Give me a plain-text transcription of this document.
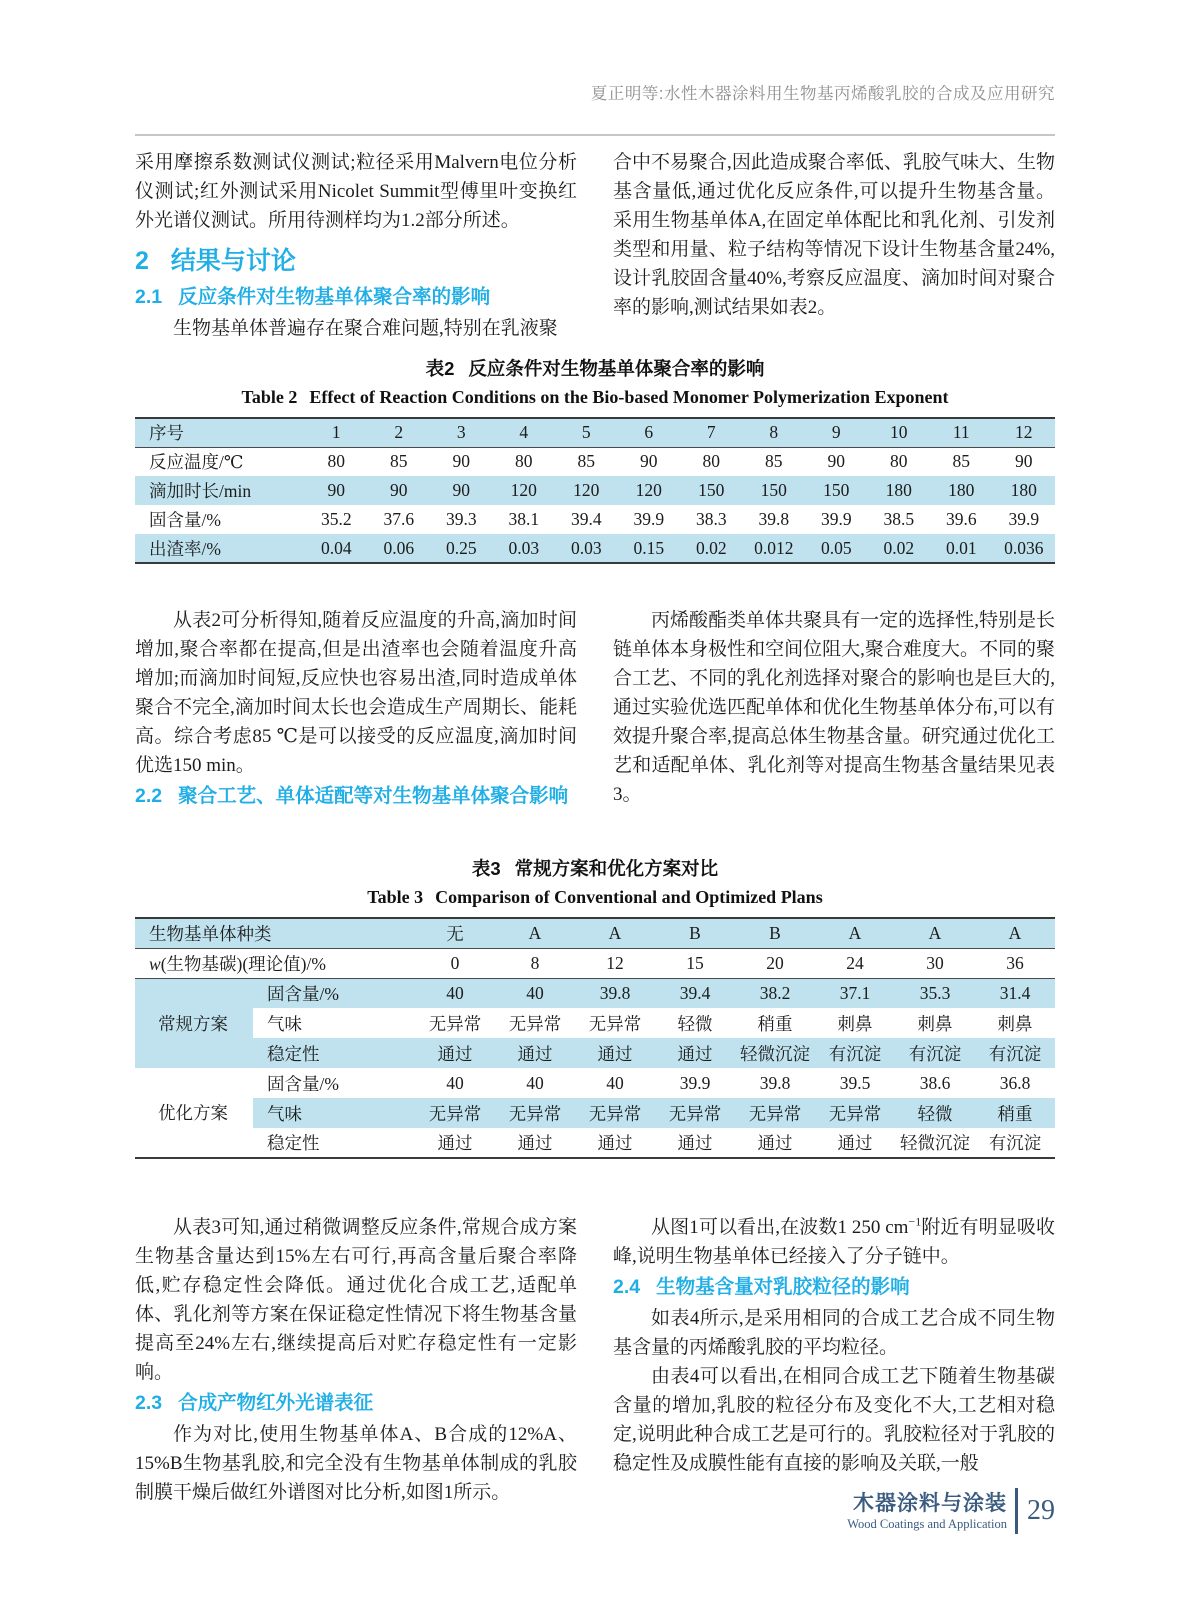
夏正明等:水性木器涂料用生物基丙烯酸乳胶的合成及应用研究

采用摩擦系数测试仪测试;粒径采用Malvern电位分析仪测试;红外测试采用Nicolet Summit型傅里叶变换红外光谱仪测试。所用待测样均为1.2部分所述。

2 结果与讨论
2.1 反应条件对生物基单体聚合率的影响

生物基单体普遍存在聚合难问题,特别在乳液聚

合中不易聚合,因此造成聚合率低、乳胶气味大、生物基含量低,通过优化反应条件,可以提升生物基含量。采用生物基单体A,在固定单体配比和乳化剂、引发剂类型和用量、粒子结构等情况下设计生物基含量24%,设计乳胶固含量40%,考察反应温度、滴加时间对聚合率的影响,测试结果如表2。

表2 反应条件对生物基单体聚合率的影响
Table 2 Effect of Reaction Conditions on the Bio-based Monomer Polymerization Exponent
序号	1	2	3	4	5	6	7	8	9	10	11	12
反应温度/℃	80	85	90	80	85	90	80	85	90	80	85	90
滴加时长/min	90	90	90	120	120	120	150	150	150	180	180	180
固含量/%	35.2	37.6	39.3	38.1	39.4	39.9	38.3	39.8	39.9	38.5	39.6	39.9
出渣率/%	0.04	0.06	0.25	0.03	0.03	0.15	0.02	0.012	0.05	0.02	0.01	0.036

从表2可分析得知,随着反应温度的升高,滴加时间增加,聚合率都在提高,但是出渣率也会随着温度升高增加;而滴加时间短,反应快也容易出渣,同时造成单体聚合不完全,滴加时间太长也会造成生产周期长、能耗高。综合考虑85 ℃是可以接受的反应温度,滴加时间优选150 min。

2.2 聚合工艺、单体适配等对生物基单体聚合影响

丙烯酸酯类单体共聚具有一定的选择性,特别是长链单体本身极性和空间位阻大,聚合难度大。不同的聚合工艺、不同的乳化剂选择对聚合的影响也是巨大的,通过实验优选匹配单体和优化生物基单体分布,可以有效提升聚合率,提高总体生物基含量。研究通过优化工艺和适配单体、乳化剂等对提高生物基含量结果见表3。

表3 常规方案和优化方案对比
Table 3 Comparison of Conventional and Optimized Plans
生物基单体种类		无	A	A	B	B	A	A	A
w(生物基碳)(理论值)/%		0	8	12	15	20	24	30	36
常规方案	固含量/%	40	40	39.8	39.4	38.2	37.1	35.3	31.4
	气味	无异常	无异常	无异常	轻微	稍重	刺鼻	刺鼻	刺鼻
	稳定性	通过	通过	通过	通过	轻微沉淀	有沉淀	有沉淀	有沉淀
优化方案	固含量/%	40	40	40	39.9	39.8	39.5	38.6	36.8
	气味	无异常	无异常	无异常	无异常	无异常	无异常	轻微	稍重
	稳定性	通过	通过	通过	通过	通过	通过	轻微沉淀	有沉淀

从表3可知,通过稍微调整反应条件,常规合成方案生物基含量达到15%左右可行,再高含量后聚合率降低,贮存稳定性会降低。通过优化合成工艺,适配单体、乳化剂等方案在保证稳定性情况下将生物基含量提高至24%左右,继续提高后对贮存稳定性有一定影响。

2.3 合成产物红外光谱表征

作为对比,使用生物基单体A、B合成的12%A、15%B生物基乳胶,和完全没有生物基单体制成的乳胶制膜干燥后做红外谱图对比分析,如图1所示。

从图1可以看出,在波数1 250 $cm^{-1}$附近有明显吸收峰,说明生物基单体已经接入了分子链中。

2.4 生物基含量对乳胶粒径的影响

如表4所示,是采用相同的合成工艺合成不同生物基含量的丙烯酸乳胶的平均粒径。

由表4可以看出,在相同合成工艺下随着生物基碳含量的增加,乳胶的粒径分布及变化不大,工艺相对稳定,说明此种合成工艺是可行的。乳胶粒径对于乳胶的稳定性及成膜性能有直接的影响及关联,一般

木器涂料与涂装
Wood Coatings and Application 29
